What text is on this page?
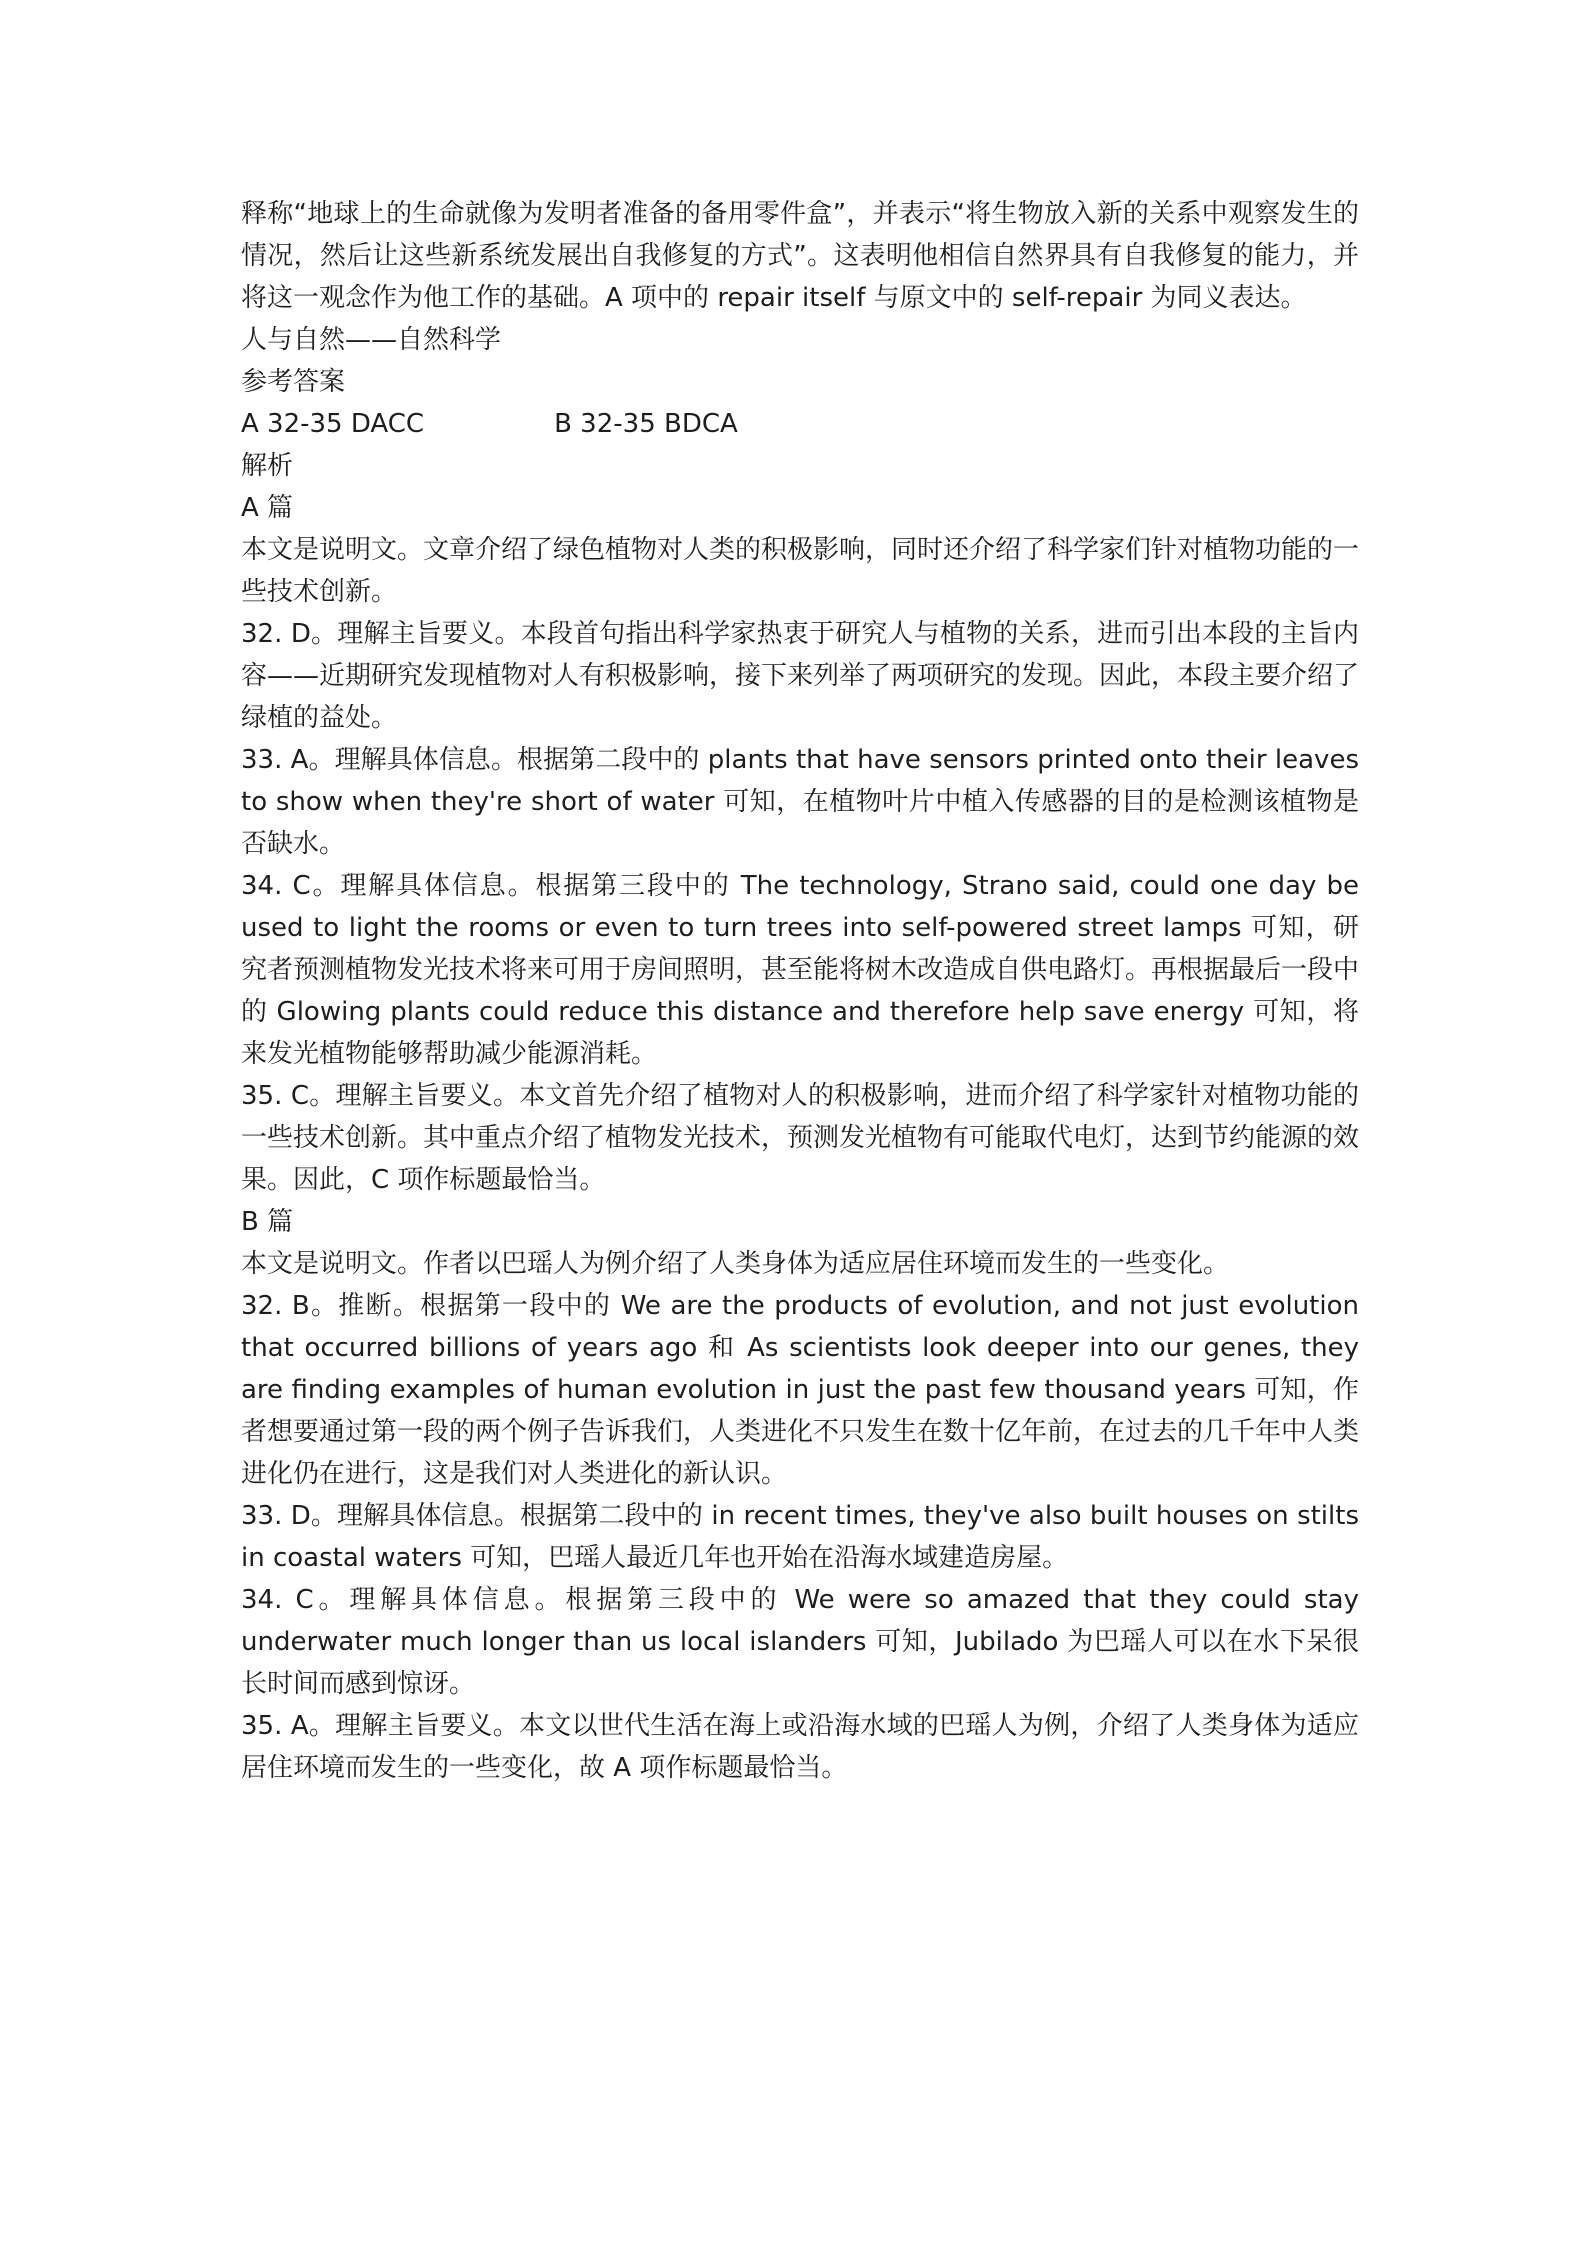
释称“地球上的生命就像为发明者准备的备用零件盒”，并表示“将生物放入新的关系中观察发生的情况，然后让这些新系统发展出自我修复的方式”。这表明他相信自然界具有自我修复的能力，并将这一观念作为他工作的基础。A 项中的 repair itself 与原文中的 self-repair 为同义表达。

人与自然——自然科学

参考答案

A 32-35 DACC	B 32-35 BDCA

解析

A 篇

本文是说明文。文章介绍了绿色植物对人类的积极影响，同时还介绍了科学家们针对植物功能的一些技术创新。

32. D。理解主旨要义。本段首句指出科学家热衷于研究人与植物的关系，进而引出本段的主旨内容——近期研究发现植物对人有积极影响，接下来列举了两项研究的发现。因此，本段主要介绍了绿植的益处。

33. A。理解具体信息。根据第二段中的 plants that have sensors printed onto their leaves to show when they're short of water 可知，在植物叶片中植入传感器的目的是检测该植物是否缺水。

34. C。理解具体信息。根据第三段中的 The technology, Strano said, could one day be used to light the rooms or even to turn trees into self-powered street lamps 可知，研究者预测植物发光技术将来可用于房间照明，甚至能将树木改造成自供电路灯。再根据最后一段中的 Glowing plants could reduce this distance and therefore help save energy 可知，将来发光植物能够帮助减少能源消耗。

35. C。理解主旨要义。本文首先介绍了植物对人的积极影响，进而介绍了科学家针对植物功能的一些技术创新。其中重点介绍了植物发光技术，预测发光植物有可能取代电灯，达到节约能源的效果。因此，C 项作标题最恰当。

B 篇

本文是说明文。作者以巴瑶人为例介绍了人类身体为适应居住环境而发生的一些变化。

32. B。推断。根据第一段中的 We are the products of evolution, and not just evolution that occurred billions of years ago 和 As scientists look deeper into our genes, they are finding examples of human evolution in just the past few thousand years 可知，作者想要通过第一段的两个例子告诉我们，人类进化不只发生在数十亿年前，在过去的几千年中人类进化仍在进行，这是我们对人类进化的新认识。

33. D。理解具体信息。根据第二段中的 in recent times, they've also built houses on stilts in coastal waters 可知，巴瑶人最近几年也开始在沿海水域建造房屋。

34. C。理解具体信息。根据第三段中的 We were so amazed that they could stay underwater much longer than us local islanders 可知，Jubilado 为巴瑶人可以在水下呆很长时间而感到惊讶。

35. A。理解主旨要义。本文以世代生活在海上或沿海水域的巴瑶人为例，介绍了人类身体为适应居住环境而发生的一些变化，故 A 项作标题最恰当。
